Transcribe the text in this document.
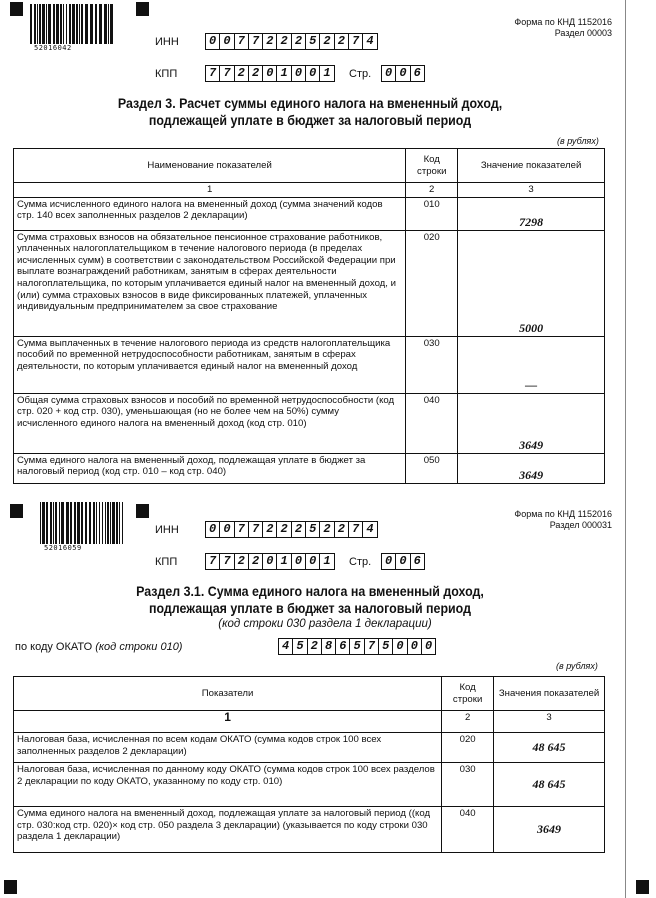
52016042	ИНН	0 0 7 7 2 2 2 5 2 2 7 4
КПП	7 7 2 2 0 1 0 0 1	Стр.	0 0 6
Форма по КНД 1152016
Раздел 00003
Раздел 3. Расчет суммы единого налога на вмененный доход,
подлежащей уплате в бюджет за налоговый период
(в рублях)
Наименование показателей	Код строки	Значение показателей
1	2	3
Сумма исчисленного единого налога на вмененный доход (сумма значений кодов стр. 140 всех заполненных разделов 2 декларации)	010	7298
Сумма страховых взносов на обязательное пенсионное страхование работников, уплаченных налогоплательщиком в течение налогового периода (в пределах исчисленных сумм) в соответствии с законодательством Российской Федерации при выплате вознаграждений работникам, занятым в сферах деятельности налогоплательщика, по которым уплачивается единый налог на вмененный доход, и (или) сумма страховых взносов в виде фиксированных платежей, уплаченных индивидуальным предпринимателем за свое страхование	020	5000
Сумма выплаченных в течение налогового периода из средств налогоплательщика пособий по временной нетрудоспособности работникам, занятым в сферах деятельности, по которым уплачивается единый налог на вмененный доход	030	—
Общая сумма страховых взносов и пособий по временной нетрудоспособности (код стр. 020 + код стр. 030), уменьшающая (но не более чем на 50%) сумму исчисленного единого налога на вмененный доход (код стр. 010)	040	3649
Сумма единого налога на вмененный доход, подлежащая уплате в бюджет за налоговый период (код стр. 010 – код стр. 040)	050	3649
52016059
ИНН	0 0 7 7 2 2 2 5 2 2 7 4
КПП	7 7 2 2 0 1 0 0 1	Стр.	0 0 6
Форма по КНД 1152016
Раздел 000031
Раздел 3.1. Сумма единого налога на вмененный доход,
подлежащая уплате в бюджет за налоговый период
(код строки 030 раздела 1 декларации)
по коду ОКАТО (код строки 010)	4 5 2 8 6 5 7 5 0 0 0
(в рублях)
Показатели	Код строки	Значения показателей
1	2	3
Налоговая база, исчисленная по всем кодам ОКАТО (сумма кодов строк 100 всех заполненных разделов 2 декларации)	020	48 645
Налоговая база, исчисленная по данному коду ОКАТО (сумма кодов строк 100 всех разделов 2 декларации по коду ОКАТО, указанному по коду стр. 010)	030	48 645
Сумма единого налога на вмененный доход, подлежащая уплате за налоговый период ((код стр. 030:код стр. 020)× код стр. 050 раздела 3 декларации) (указывается по коду строки 030 раздела 1 декларации)	040	3649
